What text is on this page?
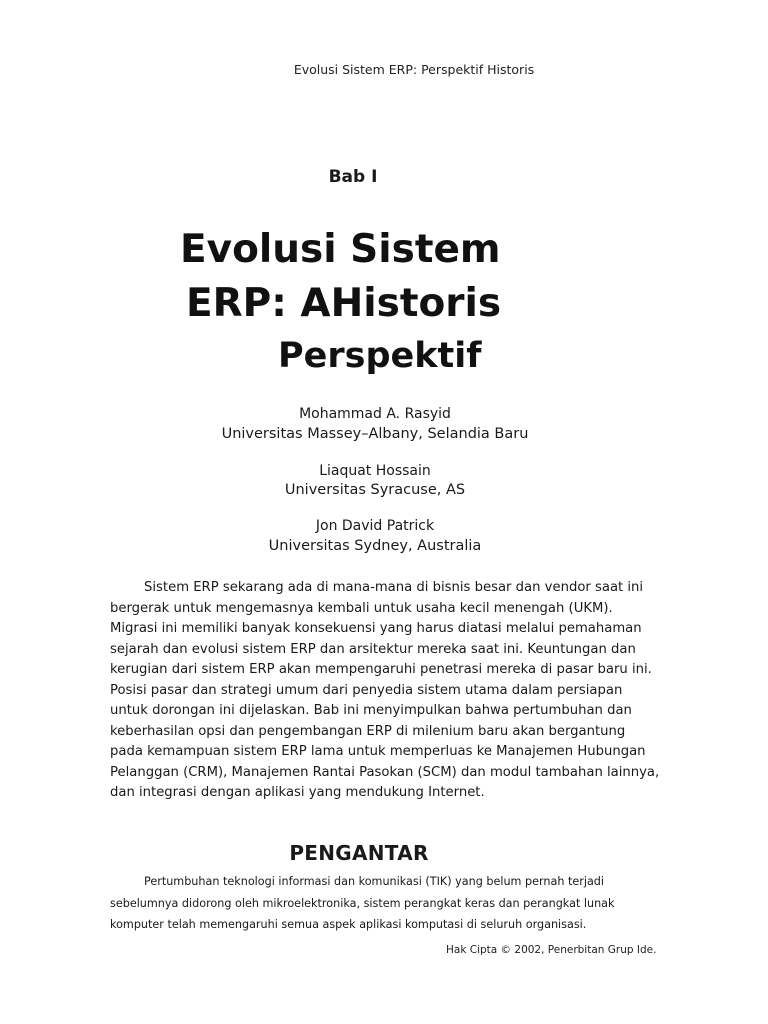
Evolusi Sistem ERP: Perspektif Historis
Bab I
Evolusi Sistem
ERP: AHistoris
Perspektif
Mohammad A. Rasyid
Universitas Massey–Albany, Selandia Baru
Liaquat Hossain
Universitas Syracuse, AS
Jon David Patrick
Universitas Sydney, Australia

Sistem ERP sekarang ada di mana-mana di bisnis besar dan vendor saat ini bergerak untuk mengemasnya kembali untuk usaha kecil menengah (UKM). Migrasi ini memiliki banyak konsekuensi yang harus diatasi melalui pemahaman sejarah dan evolusi sistem ERP dan arsitektur mereka saat ini. Keuntungan dan kerugian dari sistem ERP akan mempengaruhi penetrasi mereka di pasar baru ini. Posisi pasar dan strategi umum dari penyedia sistem utama dalam persiapan untuk dorongan ini dijelaskan. Bab ini menyimpulkan bahwa pertumbuhan dan keberhasilan opsi dan pengembangan ERP di milenium baru akan bergantung pada kemampuan sistem ERP lama untuk memperluas ke Manajemen Hubungan Pelanggan (CRM), Manajemen Rantai Pasokan (SCM) dan modul tambahan lainnya, dan integrasi dengan aplikasi yang mendukung Internet.

PENGANTAR

Pertumbuhan teknologi informasi dan komunikasi (TIK) yang belum pernah terjadi sebelumnya didorong oleh mikroelektronika, sistem perangkat keras dan perangkat lunak komputer telah memengaruhi semua aspek aplikasi komputasi di seluruh organisasi.

Hak Cipta © 2002, Penerbitan Grup Ide.
